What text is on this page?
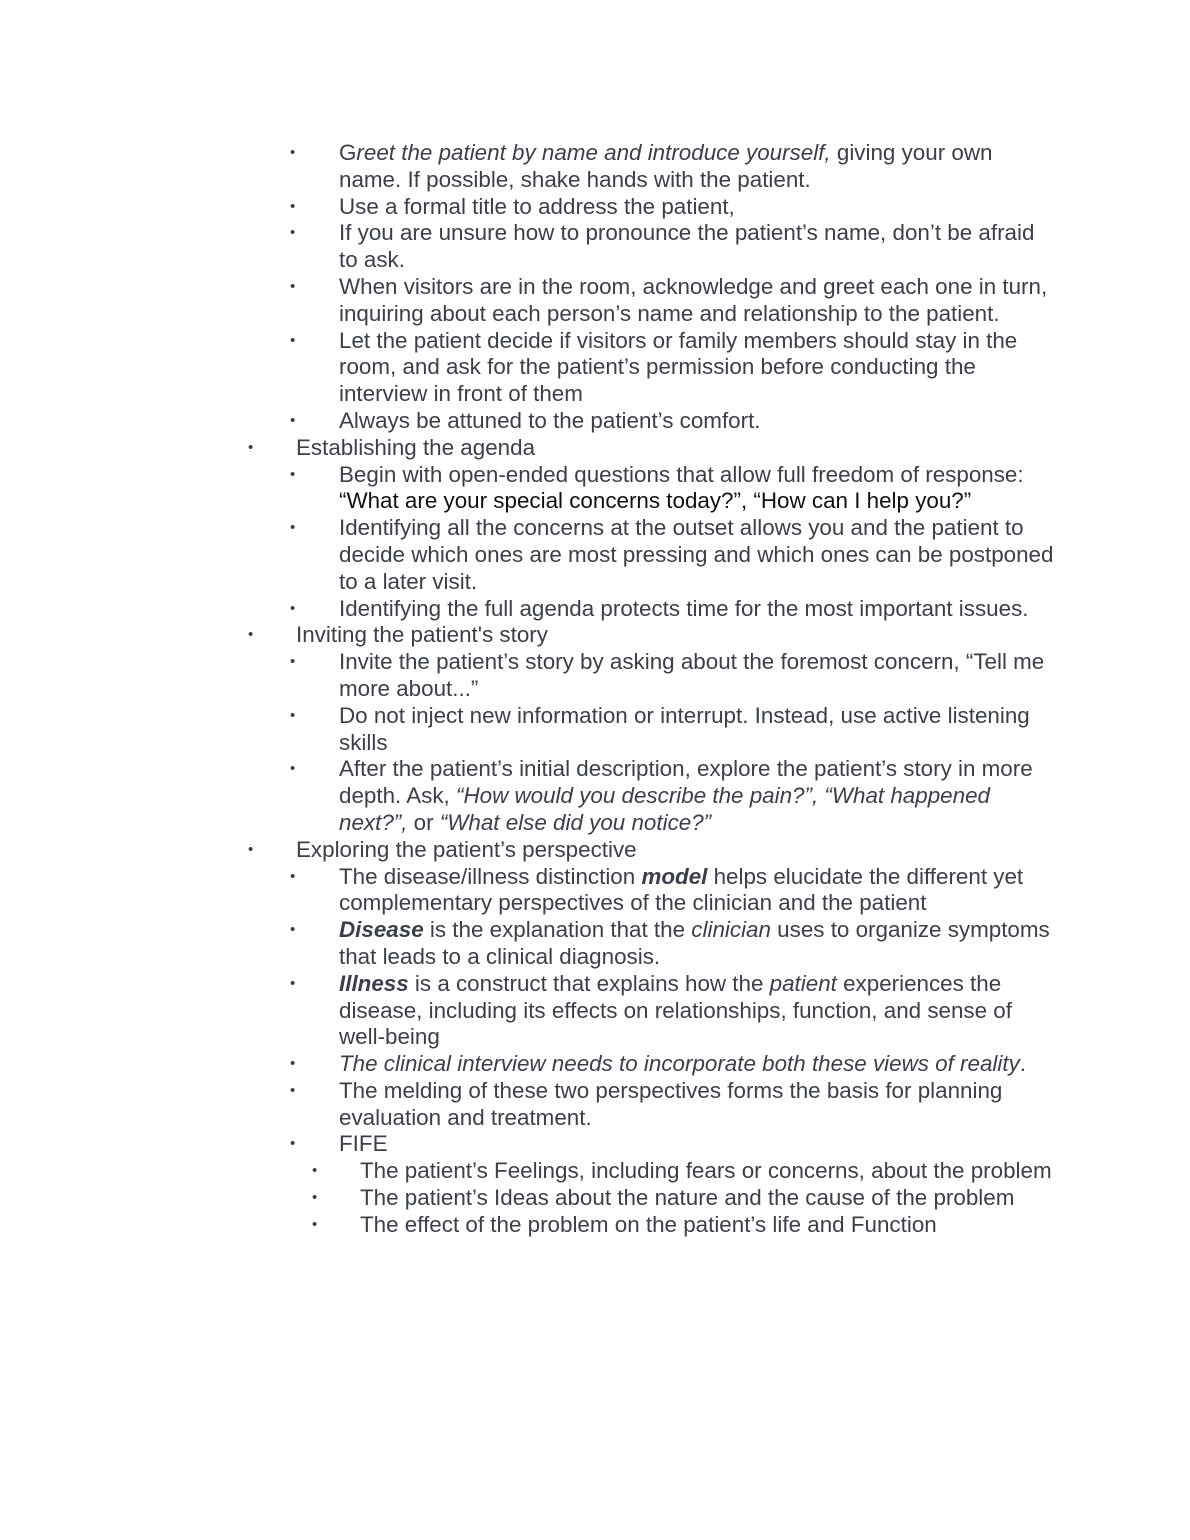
• Greet the patient by name and introduce yourself, giving your own name. If possible, shake hands with the patient.
• Use a formal title to address the patient,
• If you are unsure how to pronounce the patient’s name, don’t be afraid to ask.
• When visitors are in the room, acknowledge and greet each one in turn, inquiring about each person’s name and relationship to the patient.
• Let the patient decide if visitors or family members should stay in the room, and ask for the patient’s permission before conducting the interview in front of them
• Always be attuned to the patient’s comfort.
• Establishing the agenda
• Begin with open-ended questions that allow full freedom of response: “What are your special concerns today?”, “How can I help you?”
• Identifying all the concerns at the outset allows you and the patient to decide which ones are most pressing and which ones can be postponed to a later visit.
• Identifying the full agenda protects time for the most important issues.
• Inviting the patient's story
• Invite the patient’s story by asking about the foremost concern, “Tell me more about...”
• Do not inject new information or interrupt. Instead, use active listening skills
• After the patient’s initial description, explore the patient’s story in more depth. Ask, “How would you describe the pain?”, “What happened next?”, or “What else did you notice?”
• Exploring the patient’s perspective
• The disease/illness distinction model helps elucidate the different yet complementary perspectives of the clinician and the patient
• Disease is the explanation that the clinician uses to organize symptoms that leads to a clinical diagnosis.
• Illness is a construct that explains how the patient experiences the disease, including its effects on relationships, function, and sense of well-being
• The clinical interview needs to incorporate both these views of reality.
• The melding of these two perspectives forms the basis for planning evaluation and treatment.
• FIFE
• The patient’s Feelings, including fears or concerns, about the problem
• The patient’s Ideas about the nature and the cause of the problem
• The effect of the problem on the patient’s life and Function
